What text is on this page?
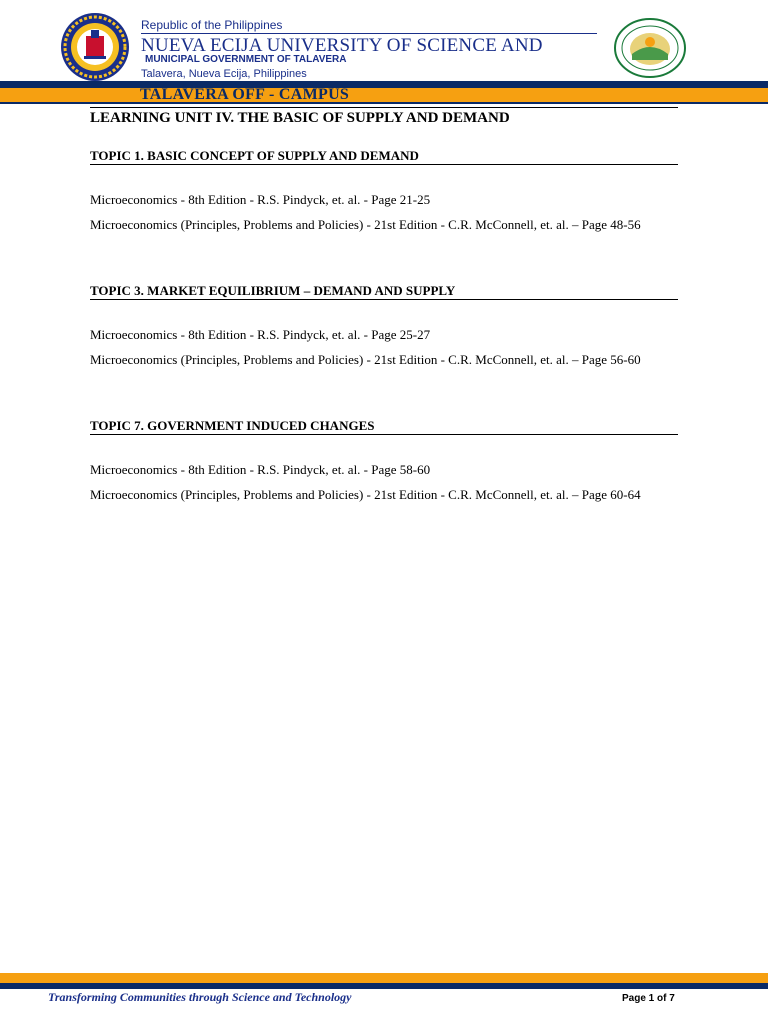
Republic of the Philippines
NUEVA ECIJA UNIVERSITY OF SCIENCE AND
MUNICIPAL GOVERNMENT OF TALAVERA
Talavera, Nueva Ecija, Philippines
TALAVERA OFF - CAMPUS
LEARNING UNIT IV. THE BASIC OF SUPPLY AND DEMAND
TOPIC 1. BASIC CONCEPT OF SUPPLY AND DEMAND
Microeconomics - 8th Edition - R.S. Pindyck, et. al. - Page 21-25
Microeconomics (Principles, Problems and Policies) - 21st Edition - C.R. McConnell, et. al. – Page 48-56
TOPIC 3. MARKET EQUILIBRIUM – DEMAND AND SUPPLY
Microeconomics - 8th Edition - R.S. Pindyck, et. al. - Page 25-27
Microeconomics (Principles, Problems and Policies) - 21st Edition - C.R. McConnell, et. al. – Page 56-60
TOPIC 7. GOVERNMENT INDUCED CHANGES
Microeconomics - 8th Edition - R.S. Pindyck, et. al. - Page 58-60
Microeconomics (Principles, Problems and Policies) - 21st Edition - C.R. McConnell, et. al. – Page 60-64
Transforming Communities through Science and Technology	Page 1 of 7
